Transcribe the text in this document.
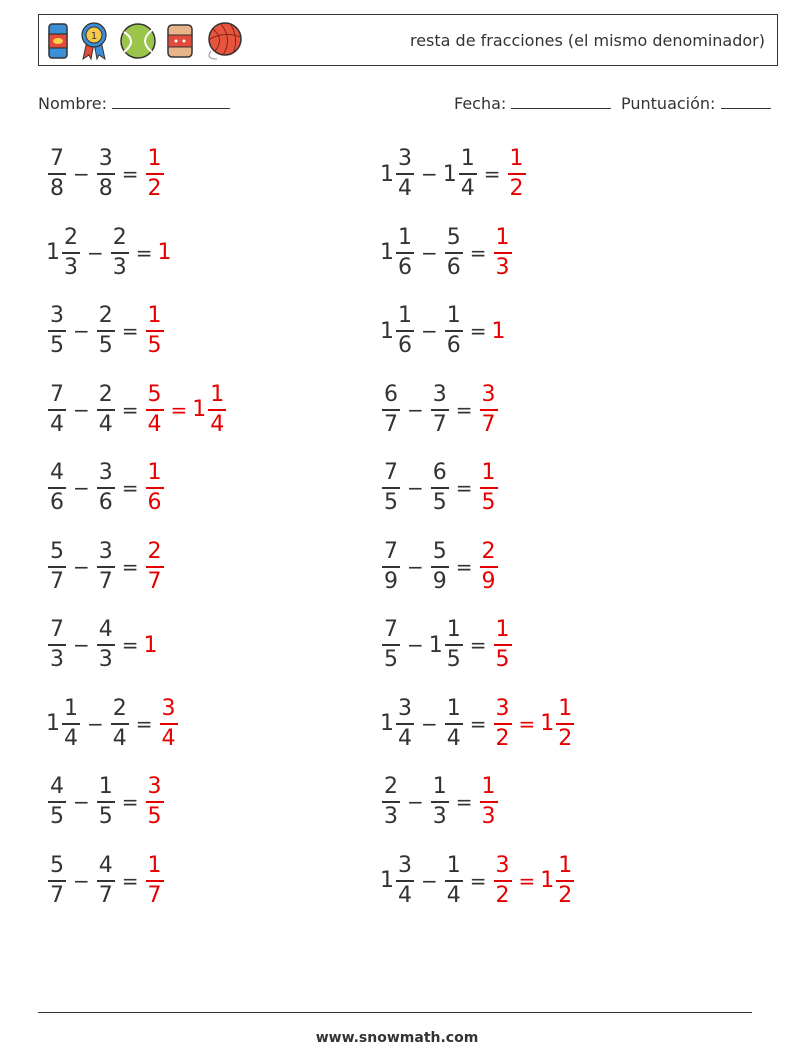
1	resta de fracciones (el mismo denominador)
Nombre:	Fecha:	Puntuación:
$\frac{7}{8} - \frac{3}{8} = \frac{1}{2}$	$1 \frac{3}{4} - 1 \frac{1}{4} = \frac{1}{2}$
$1 \frac{2}{3} - \frac{2}{3} = 1$	$1 \frac{1}{6} - \frac{5}{6} = \frac{1}{3}$
$\frac{3}{5} - \frac{2}{5} = \frac{1}{5}$	$1 \frac{1}{6} - \frac{1}{6} = 1$
$\frac{7}{4} - \frac{2}{4} = \frac{5}{4} = 1 \frac{1}{4}$	$\frac{6}{7} - \frac{3}{7} = \frac{3}{7}$
$\frac{4}{6} - \frac{3}{6} = \frac{1}{6}$	$\frac{7}{5} - \frac{6}{5} = \frac{1}{5}$
$\frac{5}{7} - \frac{3}{7} = \frac{2}{7}$	$\frac{7}{9} - \frac{5}{9} = \frac{2}{9}$
$\frac{7}{3} - \frac{4}{3} = 1$	$\frac{7}{5} - 1 \frac{1}{5} = \frac{1}{5}$
$1 \frac{1}{4} - \frac{2}{4} = \frac{3}{4}$	$1 \frac{3}{4} - \frac{1}{4} = \frac{3}{2} = 1 \frac{1}{2}$
$\frac{4}{5} - \frac{1}{5} = \frac{3}{5}$	$\frac{2}{3} - \frac{1}{3} = \frac{1}{3}$
$\frac{5}{7} - \frac{4}{7} = \frac{1}{7}$	$1 \frac{3}{4} - \frac{1}{4} = \frac{3}{2} = 1 \frac{1}{2}$
www.snowmath.com
